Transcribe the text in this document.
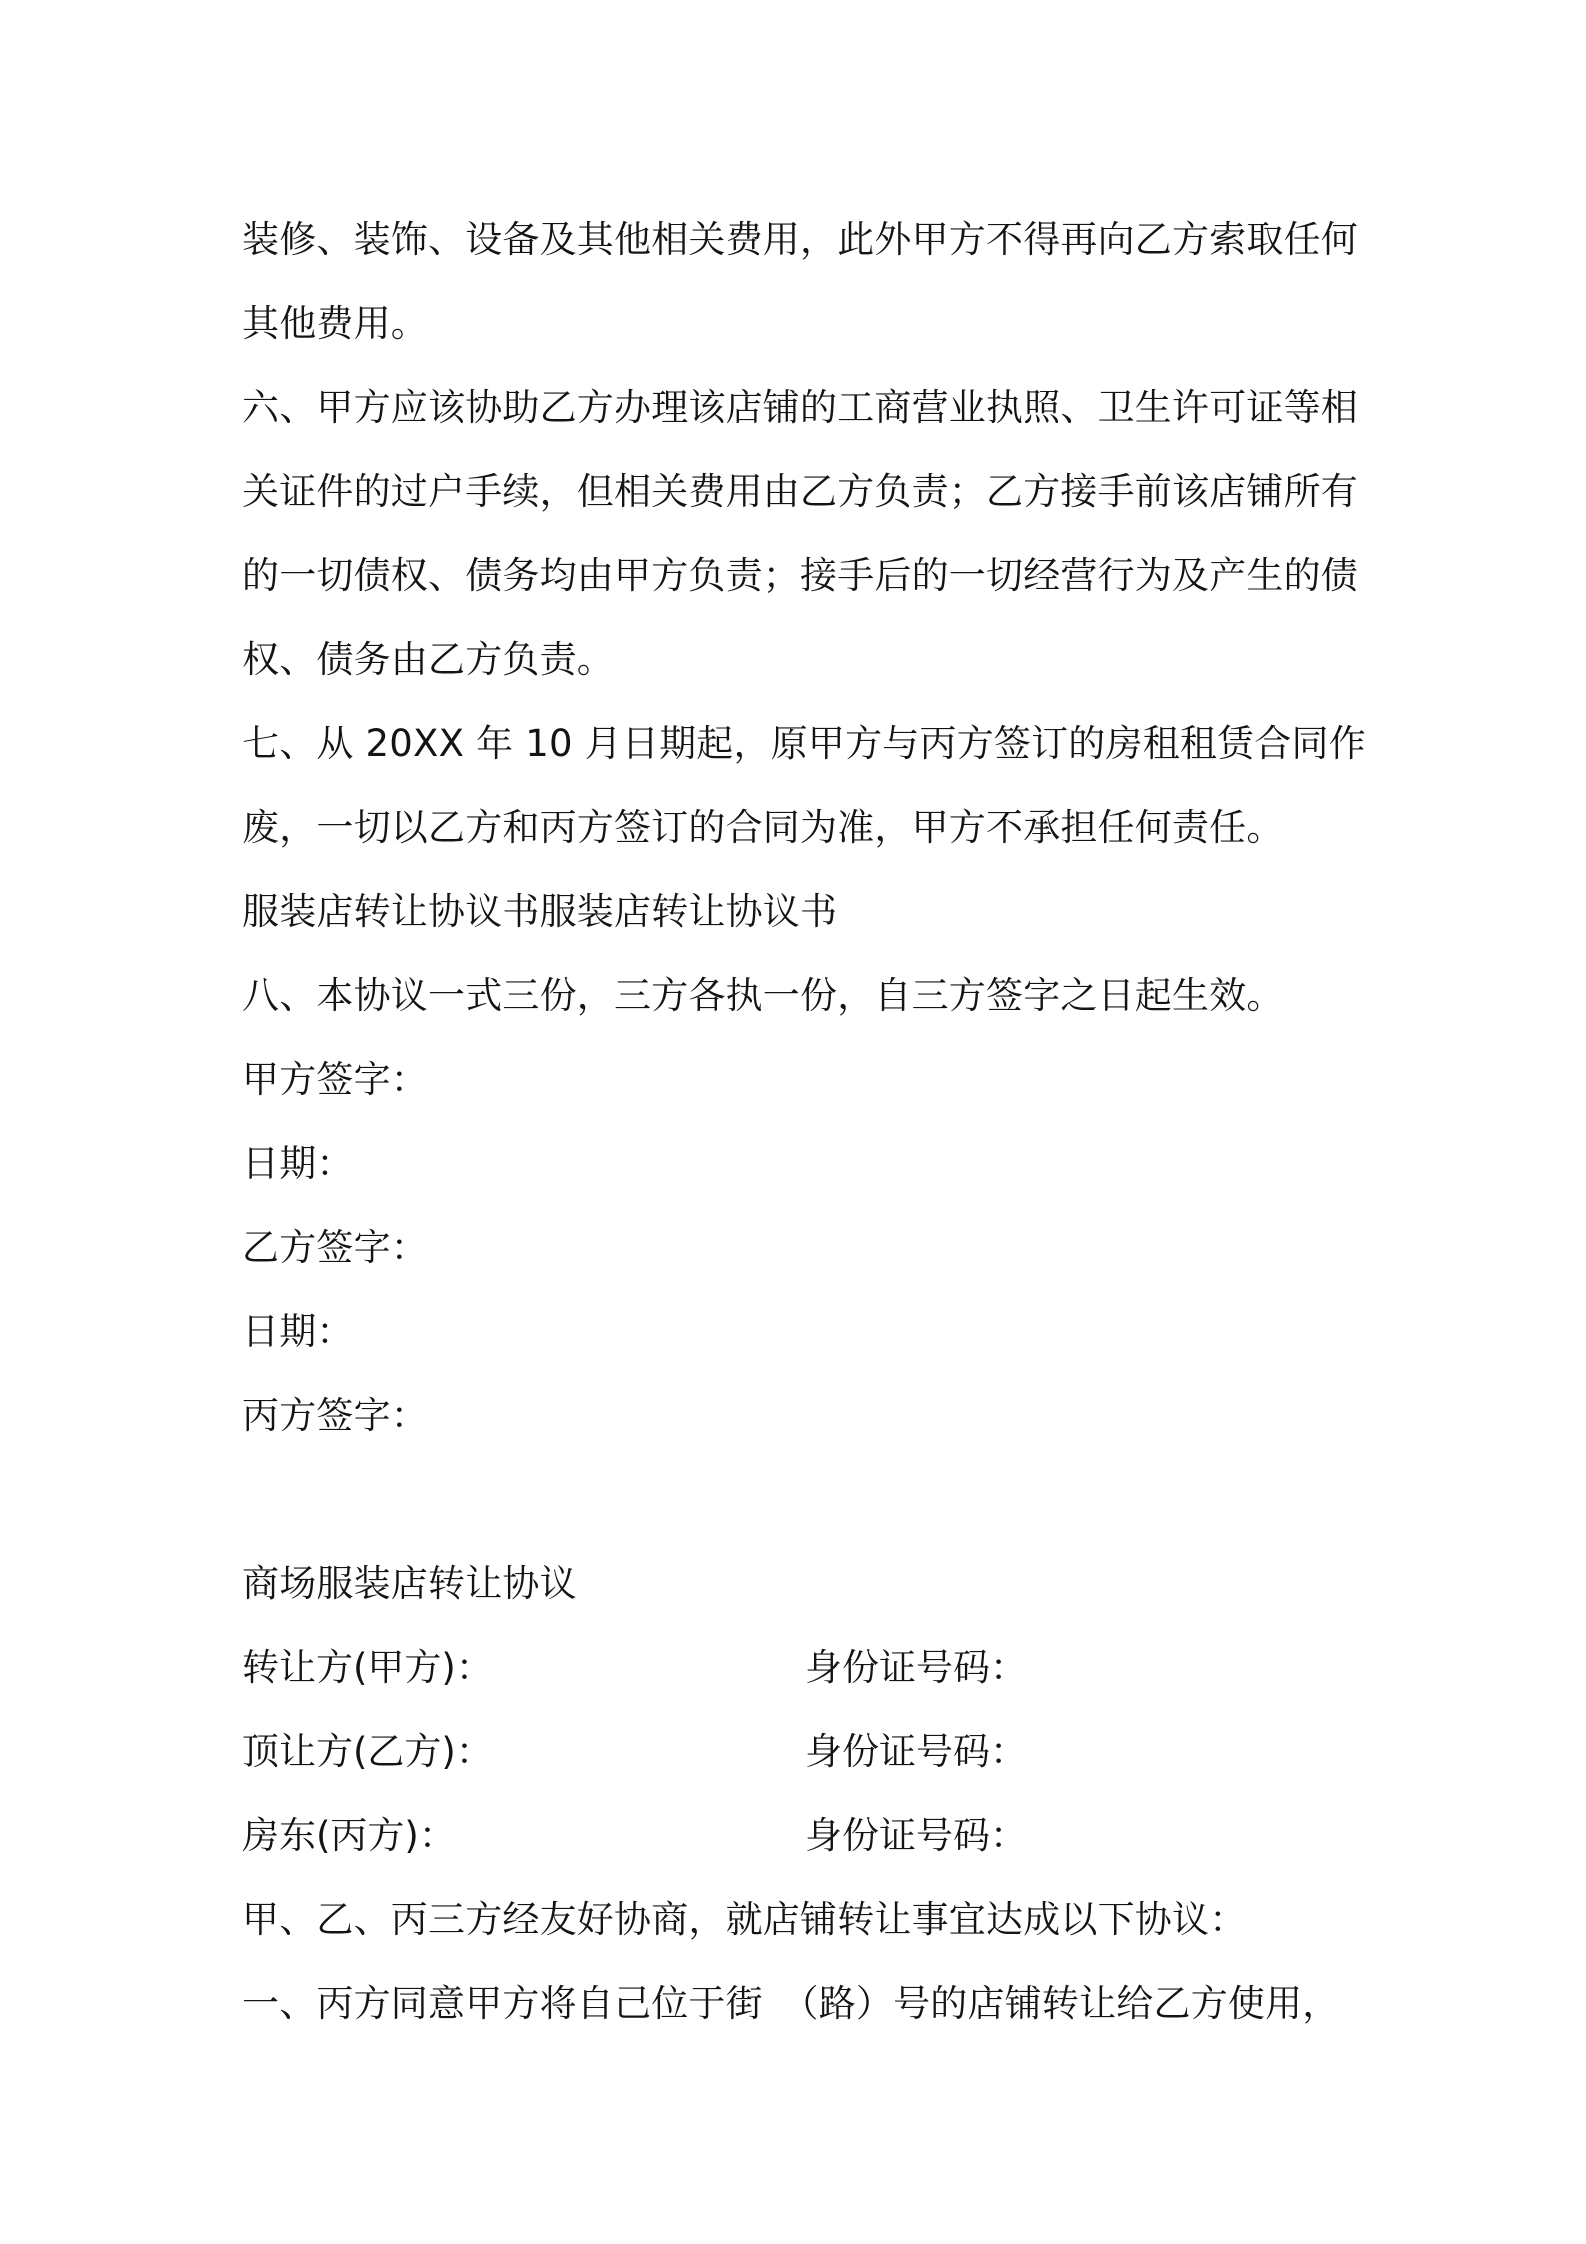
装修、装饰、设备及其他相关费用，此外甲方不得再向乙方索取任何
其他费用。
六、甲方应该协助乙方办理该店铺的工商营业执照、卫生许可证等相
关证件的过户手续，但相关费用由乙方负责；乙方接手前该店铺所有
的一切债权、债务均由甲方负责；接手后的一切经营行为及产生的债
权、债务由乙方负责。
七、从 20XX 年 10 月日期起，原甲方与丙方签订的房租租赁合同作
废，一切以乙方和丙方签订的合同为准，甲方不承担任何责任。
服装店转让协议书服装店转让协议书
八、本协议一式三份，三方各执一份，自三方签字之日起生效。
甲方签字：
日期：
乙方签字：
日期：
丙方签字：
商场服装店转让协议
转让方(甲方)：	身份证号码：
顶让方(乙方)：	身份证号码：
房东(丙方)：	身份证号码：
甲、乙、丙三方经友好协商，就店铺转让事宜达成以下协议：
一、丙方同意甲方将自己位于街　（路）号的店铺转让给乙方使用，
